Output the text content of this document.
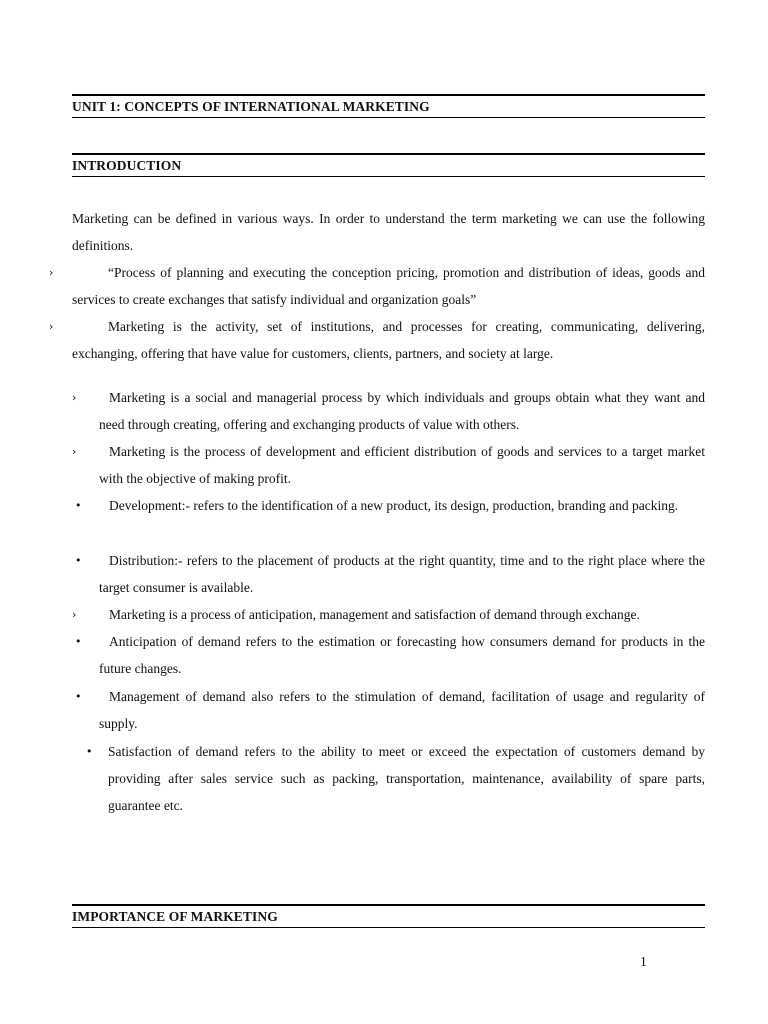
UNIT 1: CONCEPTS OF INTERNATIONAL MARKETING
INTRODUCTION
Marketing can be defined in various ways. In order to understand the term marketing we can use the following definitions.
›	“Process of planning and executing the conception pricing, promotion and distribution of ideas, goods and services to create exchanges that satisfy individual and organization goals”
›	Marketing is the activity, set of institutions, and processes for creating, communicating, delivering, exchanging, offering that have value for customers, clients, partners, and society at large.
›	Marketing is a social and managerial process by which individuals and groups obtain what they want and need through creating, offering and exchanging products of value with others.
›	Marketing is the process of development and efficient distribution of goods and services to a target market with the objective of making profit.
•	Development:- refers to the identification of a new product, its design, production, branding and packing.
•	Distribution:- refers to the placement of products at the right quantity, time and to the right place where the target consumer is available.
›	Marketing is a process of anticipation, management and satisfaction of demand through exchange.
•	Anticipation of demand refers to the estimation or forecasting how consumers demand for products in the future changes.
•	Management of demand also refers to the stimulation of demand, facilitation of usage and regularity of supply.
• Satisfaction of demand refers to the ability to meet or exceed the expectation of customers demand by providing after sales service such as packing, transportation, maintenance, availability of spare parts, guarantee etc.
IMPORTANCE OF MARKETING
1
